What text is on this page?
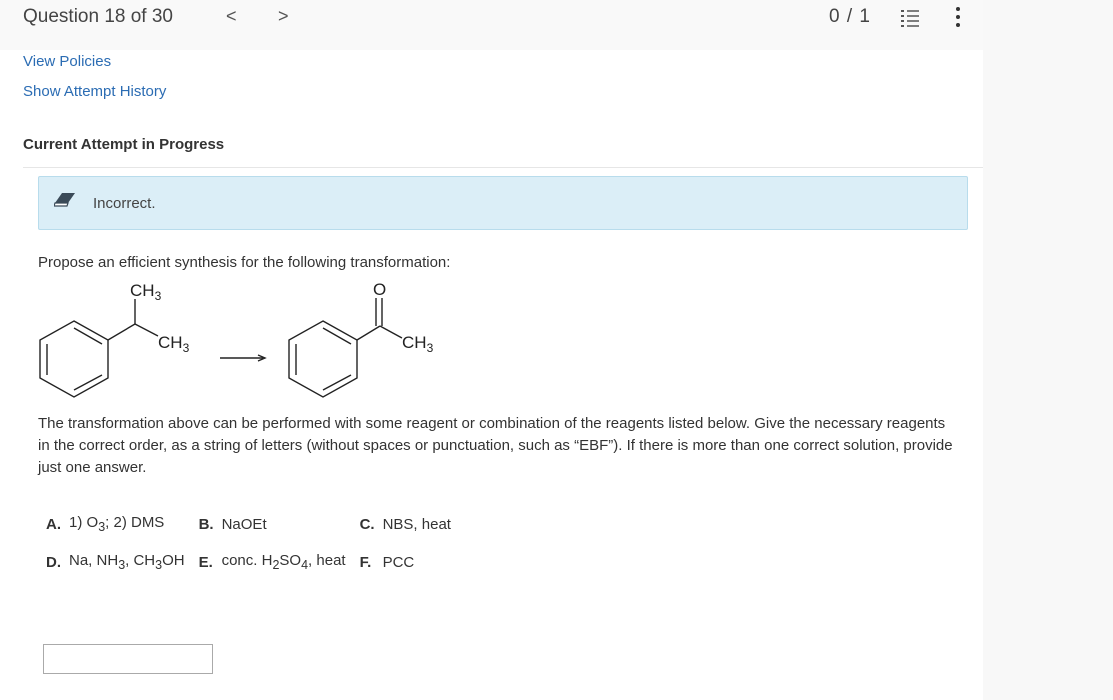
Question 18 of 30	< >	0 / 1
View Policies
Show Attempt History
Current Attempt in Progress
Incorrect.
Propose an efficient synthesis for the following transformation:
$CH_3$
$CH_3$
O
$CH_3$
The transformation above can be performed with some reagent or combination of the reagents listed below. Give the necessary reagents in the correct order, as a string of letters (without spaces or punctuation, such as “EBF”). If there is more than one correct solution, provide just one answer.
A.	1) $O_3$; 2) DMS	B.	NaOEt	C.	NBS, heat
D.	Na, $NH_3$, $CH_3OH$	E.	conc. $H_2SO_4$, heat	F.	PCC
